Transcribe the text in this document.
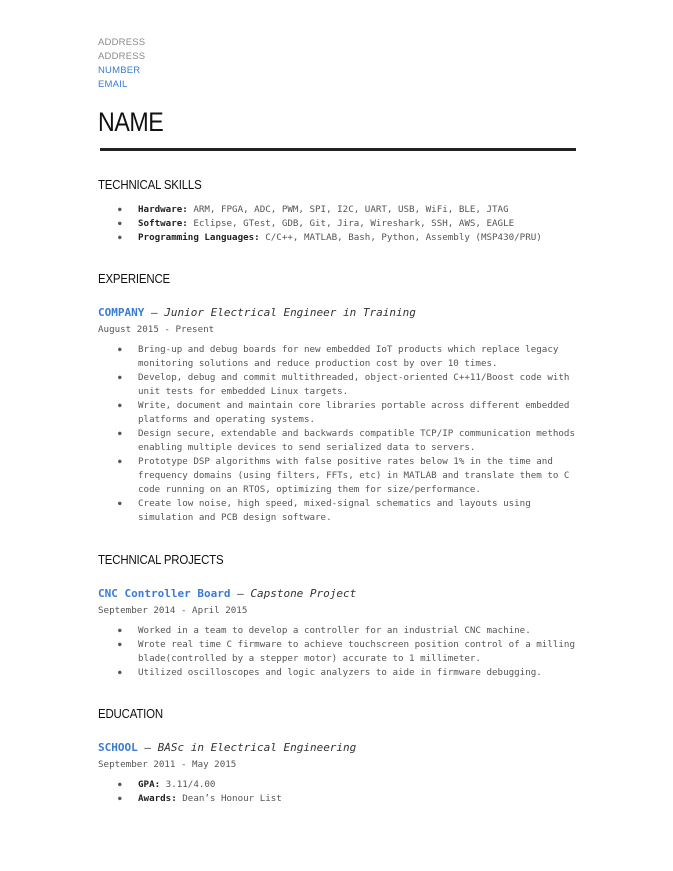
ADDRESS
ADDRESS
NUMBER
EMAIL
NAME
TECHNICAL SKILLS
● Hardware: ARM, FPGA, ADC, PWM, SPI, I2C, UART, USB, WiFi, BLE, JTAG
● Software: Eclipse, GTest, GDB, Git, Jira, Wireshark, SSH, AWS, EAGLE
● Programming Languages: C/C++, MATLAB, Bash, Python, Assembly (MSP430/PRU)
EXPERIENCE
COMPANY — Junior Electrical Engineer in Training
August 2015 - Present
● Bring-up and debug boards for new embedded IoT products which replace legacy monitoring solutions and reduce production cost by over 10 times.
● Develop, debug and commit multithreaded, object-oriented C++11/Boost code with unit tests for embedded Linux targets.
● Write, document and maintain core libraries portable across different embedded platforms and operating systems.
● Design secure, extendable and backwards compatible TCP/IP communication methods enabling multiple devices to send serialized data to servers.
● Prototype DSP algorithms with false positive rates below 1% in the time and frequency domains (using filters, FFTs, etc) in MATLAB and translate them to C code running on an RTOS, optimizing them for size/performance.
● Create low noise, high speed, mixed-signal schematics and layouts using simulation and PCB design software.
TECHNICAL PROJECTS
CNC Controller Board — Capstone Project
September 2014 - April 2015
● Worked in a team to develop a controller for an industrial CNC machine.
● Wrote real time C firmware to achieve touchscreen position control of a milling blade(controlled by a stepper motor) accurate to 1 millimeter.
● Utilized oscilloscopes and logic analyzers to aide in firmware debugging.
EDUCATION
SCHOOL — BASc in Electrical Engineering
September 2011 - May 2015
● GPA: 3.11/4.00
● Awards: Dean’s Honour List
